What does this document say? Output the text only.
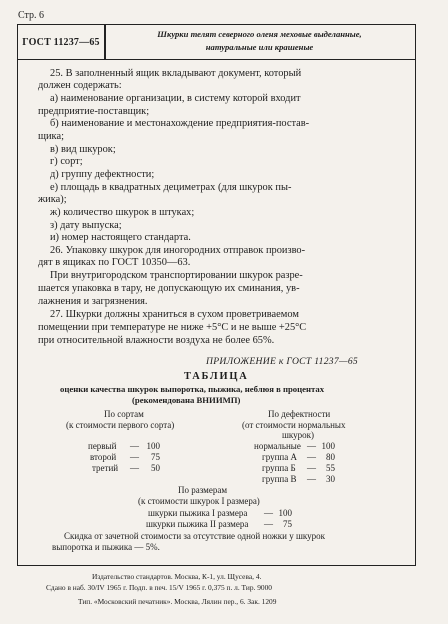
Стр. 6
ГОСТ 11237—65
Шкурки телят северного оленя меховые выделанные,
натуральные или крашеные
25. В заполненный ящик вкладывают документ, который
должен содержать:
а) наименование организации, в систему которой входит
предприятие-поставщик;
б) наименование и местонахождение предприятия-постав-
щика;
в) вид шкурок;
г) сорт;
д) группу дефектности;
е) площадь в квадратных дециметрах (для шкурок пы-
жика);
ж) количество шкурок в штуках;
з) дату выпуска;
и) номер настоящего стандарта.
26. Упаковку шкурок для иногородних отправок произво-
дят в ящиках по ГОСТ 10350—63.
При внутригородском транспортировании шкурок разре-
шается упаковка в тару, не допускающую их сминания, ув-
лажнения и загрязнения.
27. Шкурки должны храниться в сухом проветриваемом
помещении при температуре не ниже +5°С и не выше +25°С
при относительной влажности воздуха не более 65%.
ПРИЛОЖЕНИЕ к ГОСТ 11237—65
ТАБЛИЦА
оценки качества шкурок выпоротка, пыжика, неблюя в процентах
(рекомендована ВНИИМП)
По сортам
(к стоимости первого сорта)
первый — 100
второй —	75
третий —	50
По дефектности
(от стоимости нормальных
шкурок)
нормальные — 100
группа А —	80
группа Б —	55
группа В —	30
По размерам
(к стоимости шкурок I размера)
шкурки пыжика I размера — 100
шкурки пыжика II размера —	75
Скидка от зачетной стоимости за отсутствие одной ножки у шкурок
выпоротка и пыжика — 5%.
Издательство стандартов. Москва, К-1, ул. Щусева, 4.
Сдано в наб. 30/IV 1965 г. Подп. в печ. 15/V 1965 г. 0,375 п. л. Тир. 9000
Тип. «Московский печатник». Москва, Лялин пер., 6. Зак. 1209
